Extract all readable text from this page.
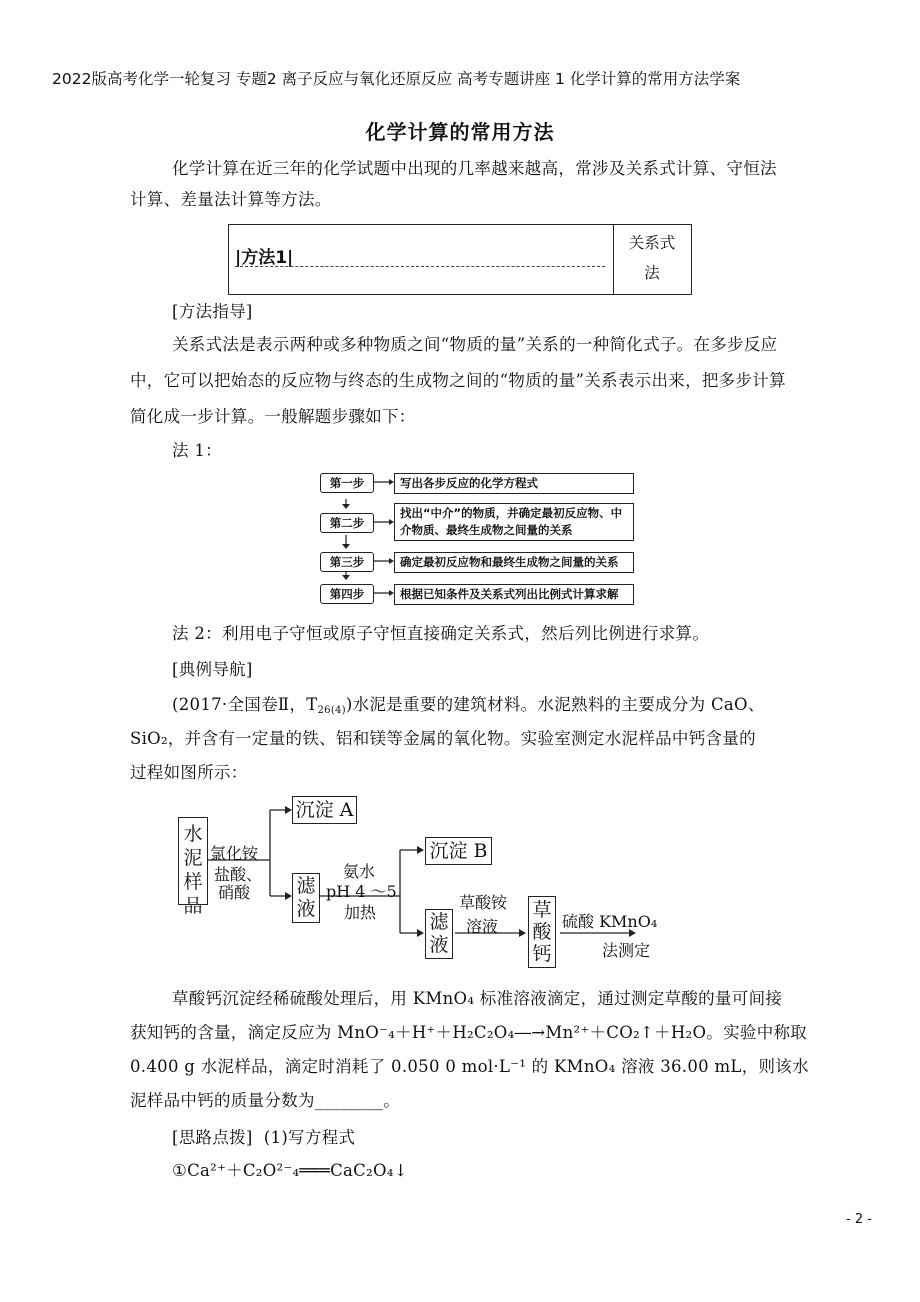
2022版高考化学一轮复习 专题2 离子反应与氧化还原反应 高考专题讲座 1 化学计算的常用方法学案
化学计算的常用方法
化学计算在近三年的化学试题中出现的几率越来越高，常涉及关系式计算、守恒法计算、差量法计算等方法。
|方法1|
关系式
法
[方法指导]
关系式法是表示两种或多种物质之间“物质的量”关系的一种简化式子。在多步反应中，它可以把始态的反应物与终态的生成物之间的“物质的量”关系表示出来，把多步计算简化成一步计算。一般解题步骤如下：
法 1：
第一步	写出各步反应的化学方程式
第二步
找出“中介”的物质，并确定最初反应物、中介物质、最终生成物之间量的关系
第三步	确定最初反应物和最终生成物之间量的关系
第四步	根据已知条件及关系式列出比例式计算求解
法 2：利用电子守恒或原子守恒直接确定关系式，然后列比例进行求算。
[典例导航]
(2017·全国卷Ⅱ，$T_{26(4)}$)水泥是重要的建筑材料。水泥熟料的主要成分为 CaO、
SiO₂，并含有一定量的铁、铝和镁等金属的氧化物。实验室测定水泥样品中钙含量的
过程如图所示：
水泥样品
氯化铵
盐酸、
硝酸
沉淀 A
滤液
氨水
pH 4 ～5
加热
沉淀 B
滤液
草酸铵
溶液
草酸钙
硫酸 KMnO₄
法测定
草酸钙沉淀经稀硫酸处理后，用 KMnO₄ 标准溶液滴定，通过测定草酸的量可间接
获知钙的含量，滴定反应为 MnO⁻₄＋H⁺＋H₂C₂O₄―→Mn²⁺＋CO₂↑＋H₂O。实验中称取
0.400 g 水泥样品，滴定时消耗了 0.050 0 mol·L⁻¹ 的 KMnO₄ 溶液 36.00 mL，则该水
泥样品中钙的质量分数为________。
[思路点拨] (1)写方程式
①Ca²⁺＋C₂O²⁻₄═══CaC₂O₄↓
- 2 -
